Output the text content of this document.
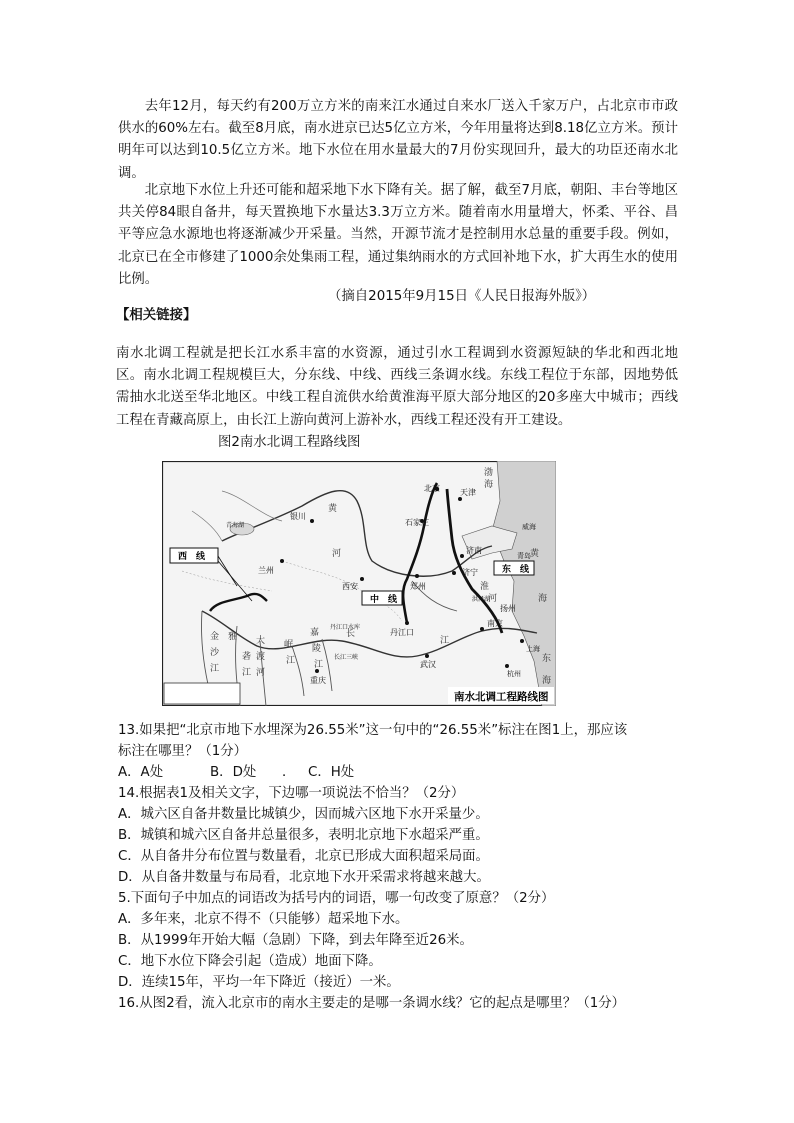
去年12月，每天约有200万立方米的南来江水通过自来水厂送入千家万户，占北京市市政供水的60%左右。截至8月底，南水进京已达5亿立方米，今年用量将达到8.18亿立方米。预计明年可以达到10.5亿立方米。地下水位在用水量最大的7月份实现回升，最大的功臣还南水北调。

北京地下水位上升还可能和超采地下水下降有关。据了解，截至7月底，朝阳、丰台等地区共关停84眼自备井，每天置换地下水量达3.3万立方米。随着南水用量增大，怀柔、平谷、昌平等应急水源地也将逐渐减少开采量。当然，开源节流才是控制用水总量的重要手段。例如，北京已在全市修建了1000余处集雨工程，通过集纳雨水的方式回补地下水，扩大再生水的使用比例。

（摘自2015年9月15日《人民日报海外版》）

【相关链接】

南水北调工程就是把长江水系丰富的水资源，通过引水工程调到水资源短缺的华北和西北地区。南水北调工程规模巨大，分东线、中线、西线三条调水线。东线工程位于东部，因地势低需抽水北送至华北地区。中线工程自流供水给黄淮海平原大部分地区的20多座大中城市；西线工程在青藏高原上，由长江上游向黄河上游补水，西线工程还没有开工建设。

图2南水北调工程路线图

西　线
中　线
东　线
北京	天津
银川
石家庄
青海湖
兰州
西安	郑州
济南
济宁
青岛
威海
丹江口
南京
扬州
武汉
上海
杭州
重庆
丹江口水库
洪泽湖
长江三峡
黄
河
长
江
淮
河
渤
海
黄
海
东
海
金
沙
江
雅
砻
江
大
渡
河
岷
江
嘉
陵
江
南水北调工程路线图

13.如果把“北京市地下水埋深为26.55米”这一句中的“26.55米”标注在图1上，那应该

标注在哪里？（1分）

A．A处	B．D处 ． C．H处

14.根据表1及相关文字，下边哪一项说法不恰当？（2分）

A．城六区自备井数量比城镇少，因而城六区地下水开采量少。

B．城镇和城六区自备井总量很多，表明北京地下水超采严重。

C．从自备井分布位置与数量看，北京已形成大面积超采局面。

D．从自备井数量与布局看，北京地下水开采需求将越来越大。

5.下面句子中加点的词语改为括号内的词语，哪一句改变了原意？（2分）

A．多年来，北京不得不（只能够）超采地下水。

B．从1999年开始大幅（急剧）下降，到去年降至近26米。

C．地下水位下降会引起（造成）地面下降。

D．连续15年，平均一年下降近（接近）一米。

16.从图2看，流入北京市的南水主要走的是哪一条调水线？它的起点是哪里？（1分）
